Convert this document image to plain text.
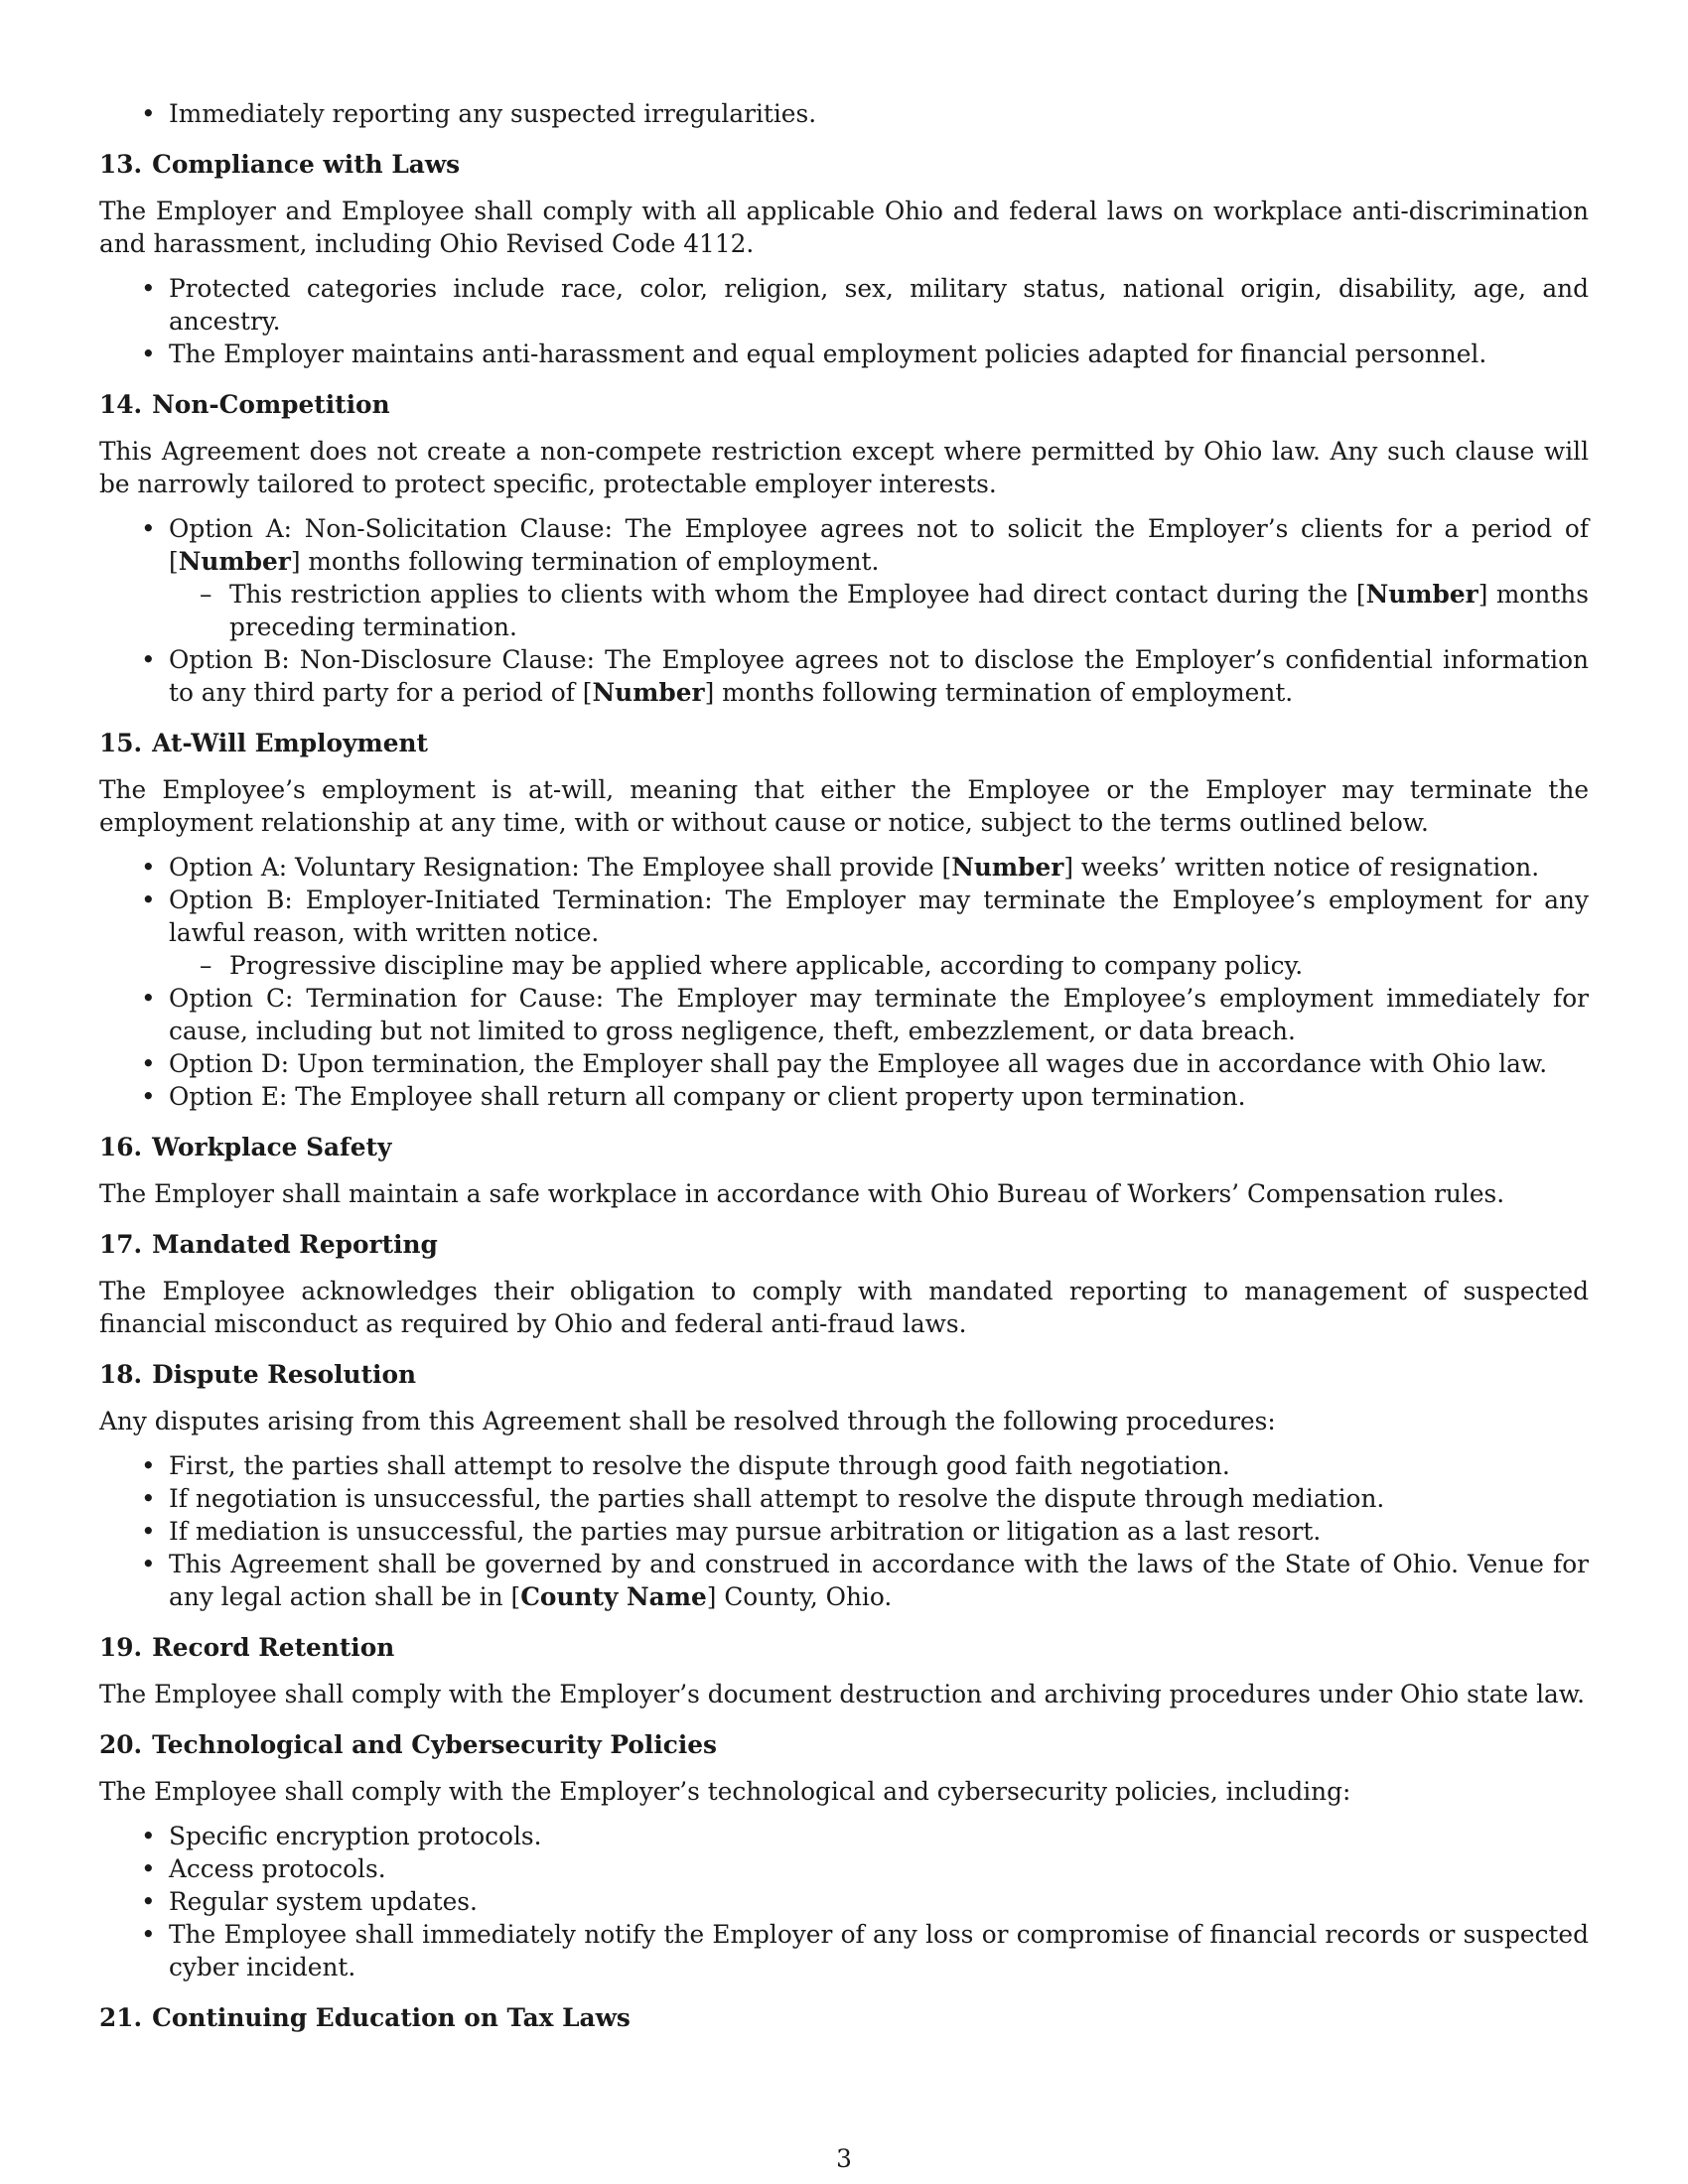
• Immediately reporting any suspected irregularities.
13. Compliance with Laws

The Employer and Employee shall comply with all applicable Ohio and federal laws on workplace anti-discrimination and harassment, including Ohio Revised Code 4112.

• Protected categories include race, color, religion, sex, military status, national origin, disability, age, and ancestry.
• The Employer maintains anti-harassment and equal employment policies adapted for financial personnel.
14. Non-Competition

This Agreement does not create a non-compete restriction except where permitted by Ohio law. Any such clause will be narrowly tailored to protect specific, protectable employer interests.

• Option A: Non-Solicitation Clause: The Employee agrees not to solicit the Employer’s clients for a period of [Number] months following termination of employment.
– This restriction applies to clients with whom the Employee had direct contact during the [Number] months preceding termination.
• Option B: Non-Disclosure Clause: The Employee agrees not to disclose the Employer’s confidential information to any third party for a period of [Number] months following termination of employment.
15. At-Will Employment

The Employee’s employment is at-will, meaning that either the Employee or the Employer may terminate the employment relationship at any time, with or without cause or notice, subject to the terms outlined below.

• Option A: Voluntary Resignation: The Employee shall provide [Number] weeks’ written notice of resignation.
• Option B: Employer-Initiated Termination: The Employer may terminate the Employee’s employment for any lawful reason, with written notice.
– Progressive discipline may be applied where applicable, according to company policy.
• Option C: Termination for Cause: The Employer may terminate the Employee’s employment immediately for cause, including but not limited to gross negligence, theft, embezzlement, or data breach.
• Option D: Upon termination, the Employer shall pay the Employee all wages due in accordance with Ohio law.
• Option E: The Employee shall return all company or client property upon termination.
16. Workplace Safety

The Employer shall maintain a safe workplace in accordance with Ohio Bureau of Workers’ Compensation rules.

17. Mandated Reporting

The Employee acknowledges their obligation to comply with mandated reporting to management of suspected financial misconduct as required by Ohio and federal anti-fraud laws.

18. Dispute Resolution

Any disputes arising from this Agreement shall be resolved through the following procedures:

• First, the parties shall attempt to resolve the dispute through good faith negotiation.
• If negotiation is unsuccessful, the parties shall attempt to resolve the dispute through mediation.
• If mediation is unsuccessful, the parties may pursue arbitration or litigation as a last resort.
• This Agreement shall be governed by and construed in accordance with the laws of the State of Ohio. Venue for any legal action shall be in [County Name] County, Ohio.
19. Record Retention

The Employee shall comply with the Employer’s document destruction and archiving procedures under Ohio state law.

20. Technological and Cybersecurity Policies

The Employee shall comply with the Employer’s technological and cybersecurity policies, including:

• Specific encryption protocols.
• Access protocols.
• Regular system updates.
• The Employee shall immediately notify the Employer of any loss or compromise of financial records or suspected cyber incident.
21. Continuing Education on Tax Laws
3
